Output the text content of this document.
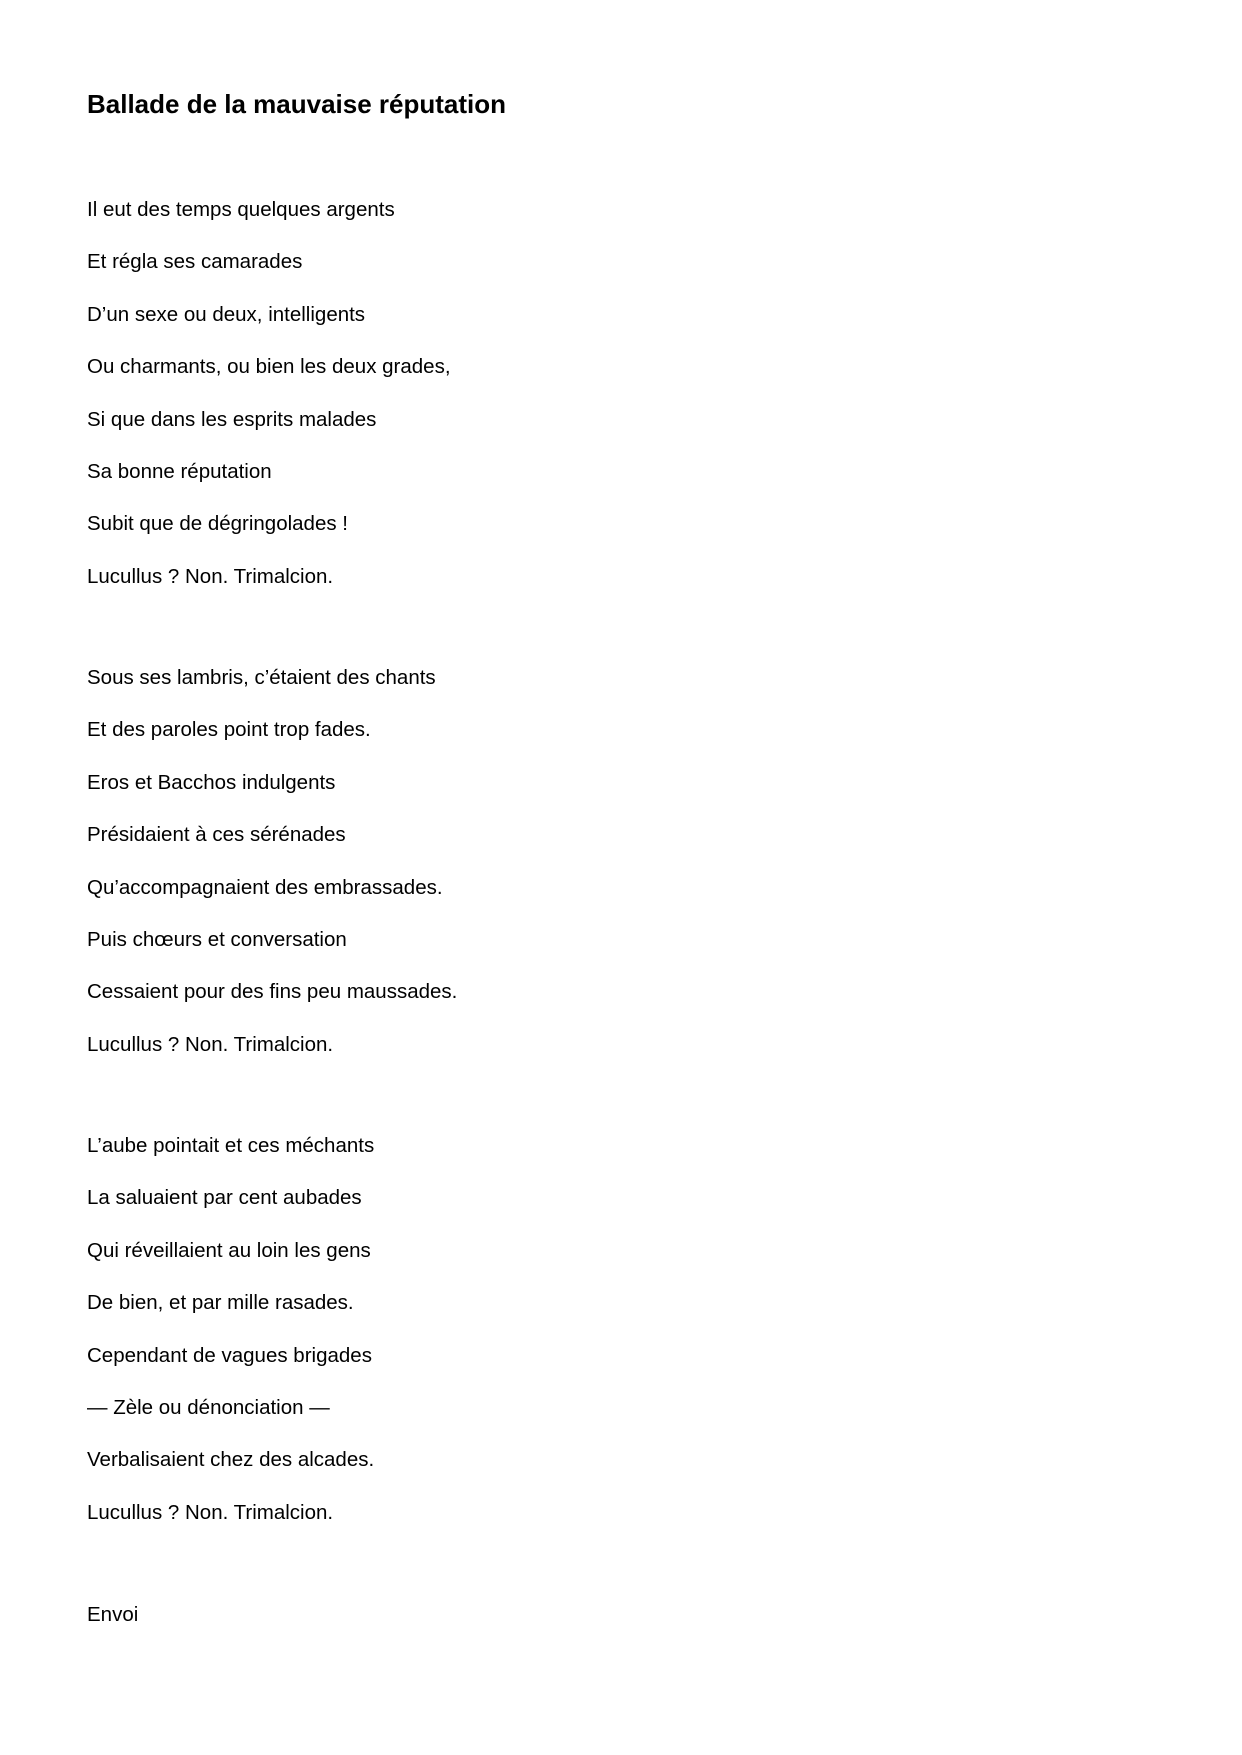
Ballade de la mauvaise réputation
Il eut des temps quelques argents
Et régla ses camarades
D’un sexe ou deux, intelligents
Ou charmants, ou bien les deux grades,
Si que dans les esprits malades
Sa bonne réputation
Subit que de dégringolades !
Lucullus ? Non. Trimalcion.
Sous ses lambris, c’étaient des chants
Et des paroles point trop fades.
Eros et Bacchos indulgents
Présidaient à ces sérénades
Qu’accompagnaient des embrassades.
Puis chœurs et conversation
Cessaient pour des fins peu maussades.
Lucullus ? Non. Trimalcion.
L’aube pointait et ces méchants
La saluaient par cent aubades
Qui réveillaient au loin les gens
De bien, et par mille rasades.
Cependant de vagues brigades
— Zèle ou dénonciation —
Verbalisaient chez des alcades.
Lucullus ? Non. Trimalcion.

Envoi
